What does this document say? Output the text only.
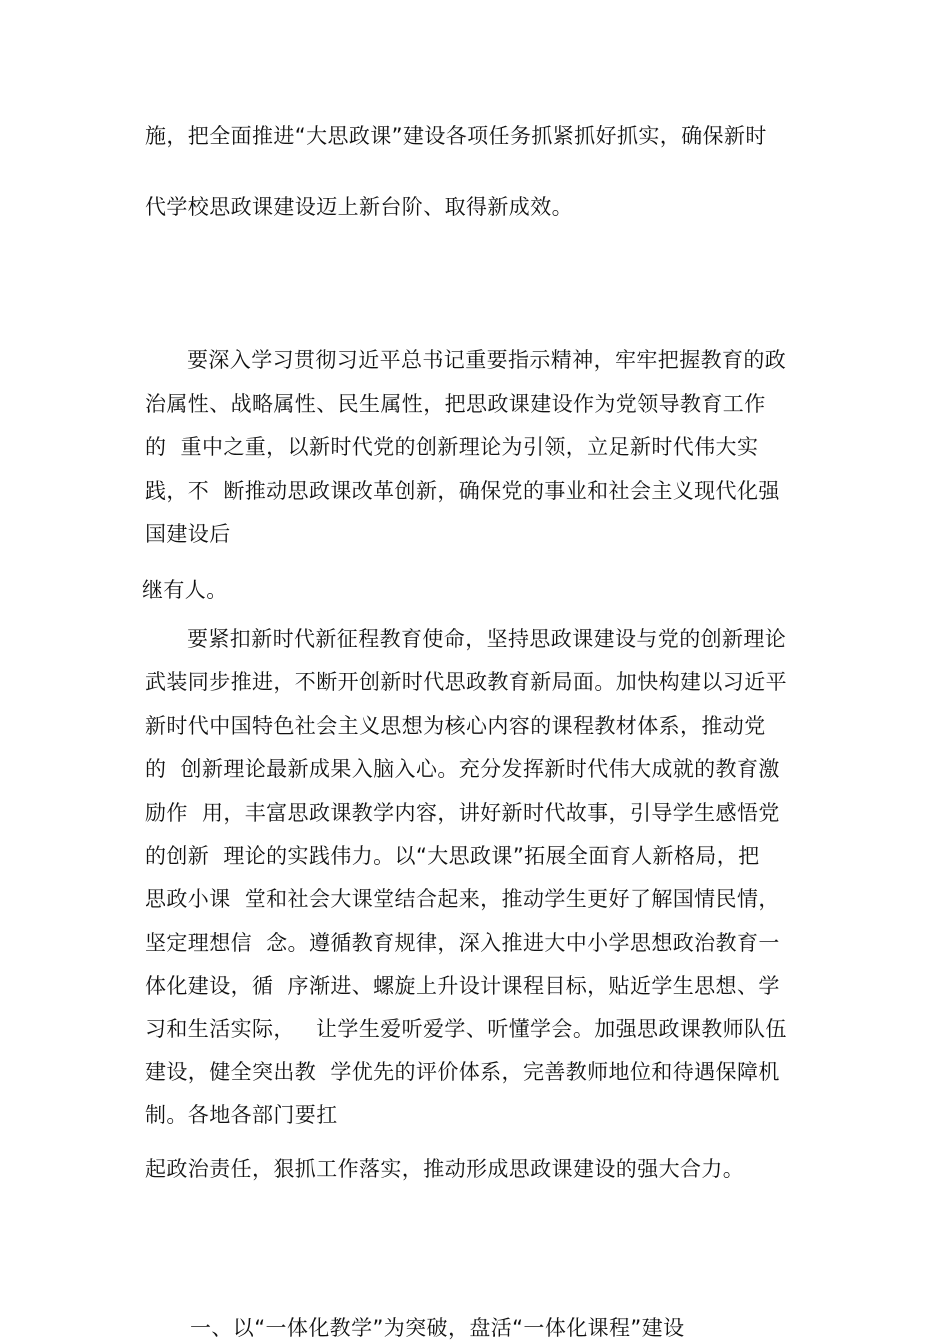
施，把全面推进“大思政课”建设各项任务抓紧抓好抓实，确保新时
代学校思政课建设迈上新台阶、取得新成效。
要深入学习贯彻习近平总书记重要指示精神，牢牢把握教育的政
治属性、战略属性、民生属性，把思政课建设作为党领导教育工作
的  重中之重，以新时代党的创新理论为引领，立足新时代伟大实
践，不  断推动思政课改革创新，确保党的事业和社会主义现代化强
国建设后
继有人。
要紧扣新时代新征程教育使命，坚持思政课建设与党的创新理论
武装同步推进，不断开创新时代思政教育新局面。加快构建以习近平
新时代中国特色社会主义思想为核心内容的课程教材体系，推动党
的  创新理论最新成果入脑入心。充分发挥新时代伟大成就的教育激
励作  用，丰富思政课教学内容，讲好新时代故事，引导学生感悟党
的创新  理论的实践伟力。以“大思政课”拓展全面育人新格局，把
思政小课  堂和社会大课堂结合起来，推动学生更好了解国情民情，
坚定理想信  念。遵循教育规律，深入推进大中小学思想政治教育一
体化建设，循  序渐进、螺旋上升设计课程目标，贴近学生思想、学
习和生活实际，   让学生爱听爱学、听懂学会。加强思政课教师队伍
建设，健全突出教  学优先的评价体系，完善教师地位和待遇保障机
制。各地各部门要扛
起政治责任，狠抓工作落实，推动形成思政课建设的强大合力。
一、以“一体化教学”为突破，盘活“一体化课程”建设
